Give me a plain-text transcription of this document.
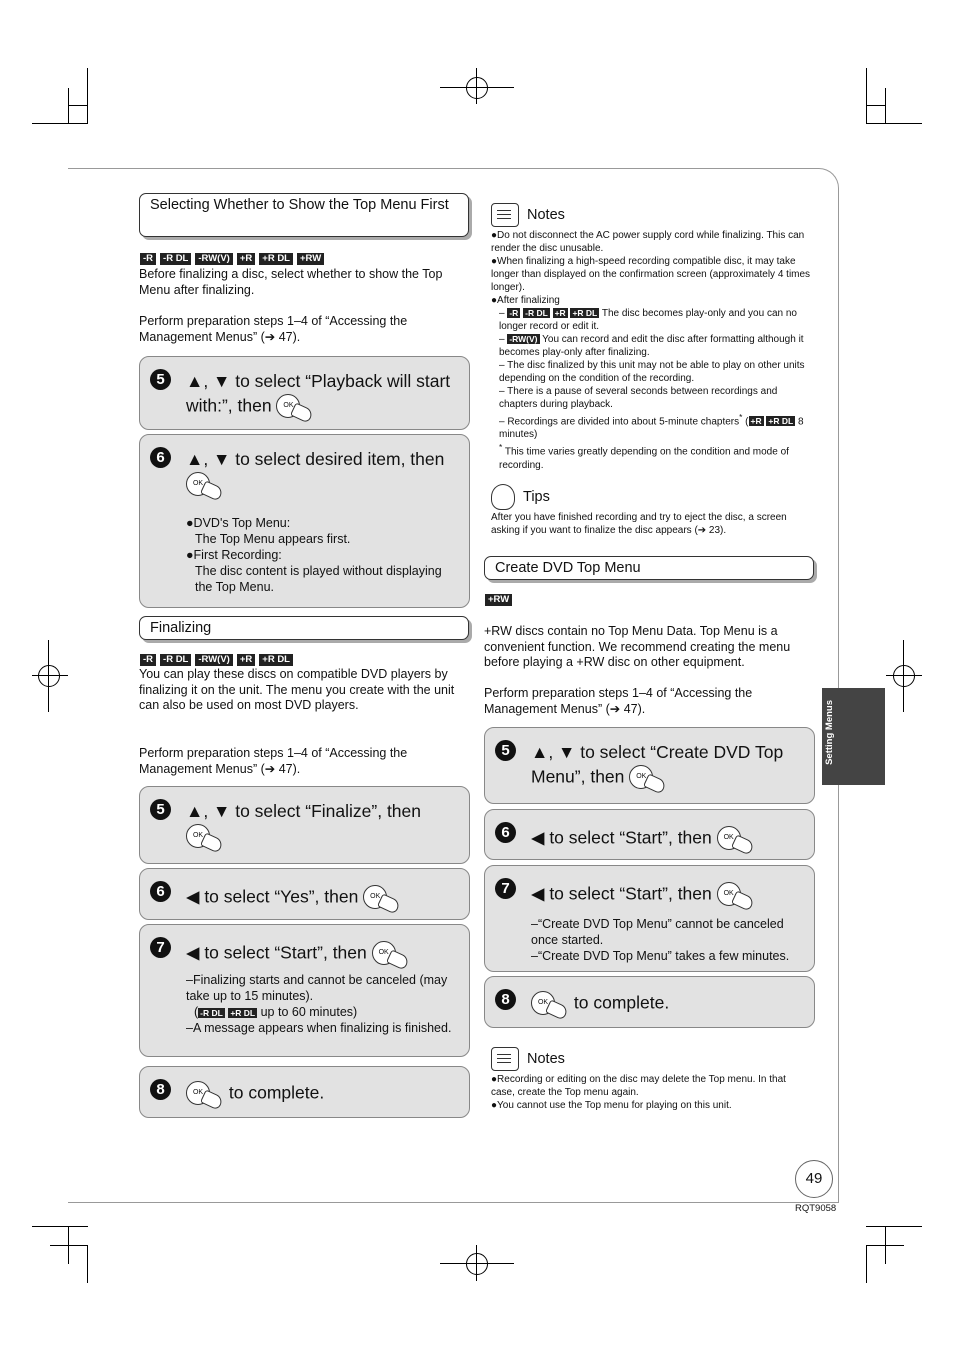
Selecting Whether to Show the Top Menu First
-R	-R DL	-RW(V)	+R	+R DL	+RW

Before finalizing a disc, select whether to show the Top Menu after finalizing.

Perform preparation steps 1–4 of “Accessing the Management Menus” (➔ 47).

5	▲, ▼ to select “Playback will start with:”, then	OK
6	▲, ▼ to select desired item, then

OK
●DVD's Top Menu:
The Top Menu appears first.
●First Recording:
The disc content is played without displaying the Top Menu.
Finalizing
-R	-R DL	-RW(V)	+R	+R DL

You can play these discs on compatible DVD players by finalizing it on the unit. The menu you create with the unit can also be used on most DVD players.

Perform preparation steps 1–4 of “Accessing the Management Menus” (➔ 47).

5	▲, ▼ to select “Finalize”, then

OK
6	◀ to select “Yes”, then	OK
7	◀ to select “Start”, then	OK
–Finalizing starts and cannot be canceled (may take up to 15 minutes).
( -R DL +R DL up to 60 minutes)
–A message appears when finalizing is finished.
8	OK	to complete.
Notes
●Do not disconnect the AC power supply cord while finalizing. This can render the disc unusable.
●When finalizing a high-speed recording compatible disc, it may take longer than displayed on the confirmation screen (approximately 4 times longer).
●After finalizing
– -R -R DL +R +R DL The disc becomes play-only and you can no longer record or edit it.
– -RW(V) You can record and edit the disc after formatting although it becomes play-only after finalizing.
– The disc finalized by this unit may not be able to play on other units depending on the condition of the recording.
– There is a pause of several seconds between recordings and chapters during playback.
– Recordings are divided into about 5-minute chapters* ( +R +R DL 8 minutes)
* This time varies greatly depending on the condition and mode of recording.
Tips
After you have finished recording and try to eject the disc, a screen asking if you want to finalize the disc appears (➔ 23).
Create DVD Top Menu
+RW

+RW discs contain no Top Menu Data. Top Menu is a convenient function. We recommend creating the menu before playing a +RW disc on other equipment.

Perform preparation steps 1–4 of “Accessing the Management Menus” (➔ 47).

5	▲, ▼ to select “Create DVD Top Menu”, then	OK
6	◀ to select “Start”, then	OK
7	◀ to select “Start”, then	OK
–“Create DVD Top Menu” cannot be canceled once started.
–“Create DVD Top Menu” takes a few minutes.
8	OK	to complete.
Notes
●Recording or editing on the disc may delete the Top menu. In that case, create the Top menu again.
●You cannot use the Top menu for playing on this unit.
Setting Menus
49
RQT9058
